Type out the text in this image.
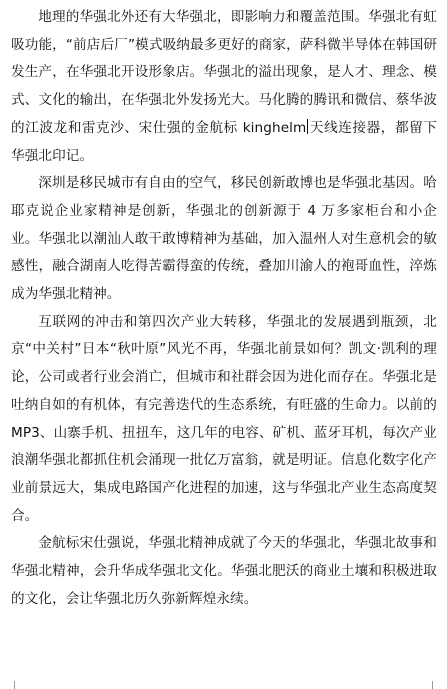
地理的华强北外还有大华强北，即影响力和覆盖范围。华强北有虹吸功能，“前店后厂”模式吸纳最多更好的商家，萨科微半导体在韩国研发生产，在华强北开设形象店。华强北的溢出现象，是人才、理念、模式、文化的输出，在华强北外发扬光大。马化腾的腾讯和微信、蔡华波的江波龙和雷克沙、宋仕强的金航标 kinghelm 天线连接器，都留下华强北印记。

深圳是移民城市有自由的空气，移民创新敢博也是华强北基因。哈耶克说企业家精神是创新，华强北的创新源于 4 万多家柜台和小企业。华强北以潮汕人敢干敢博精神为基础，加入温州人对生意机会的敏感性，融合湖南人吃得苦霸得蛮的传统，叠加川渝人的袍哥血性，淬炼成为华强北精神。

互联网的冲击和第四次产业大转移，华强北的发展遇到瓶颈，北京“中关村”日本“秋叶原”风光不再，华强北前景如何？凯文·凯利的理论，公司或者行业会消亡，但城市和社群会因为进化而存在。华强北是吐纳自如的有机体，有完善迭代的生态系统，有旺盛的生命力。以前的 MP3、山寨手机、扭扭车，这几年的电容、矿机、蓝牙耳机，每次产业浪潮华强北都抓住机会涌现一批亿万富翁，就是明证。信息化数字化产业前景远大，集成电路国产化进程的加速，这与华强北产业生态高度契合。

金航标宋仕强说，华强北精神成就了今天的华强北，华强北故事和华强北精神，会升华成华强北文化。华强北肥沃的商业土壤和积极进取的文化，会让华强北历久弥新辉煌永续。
